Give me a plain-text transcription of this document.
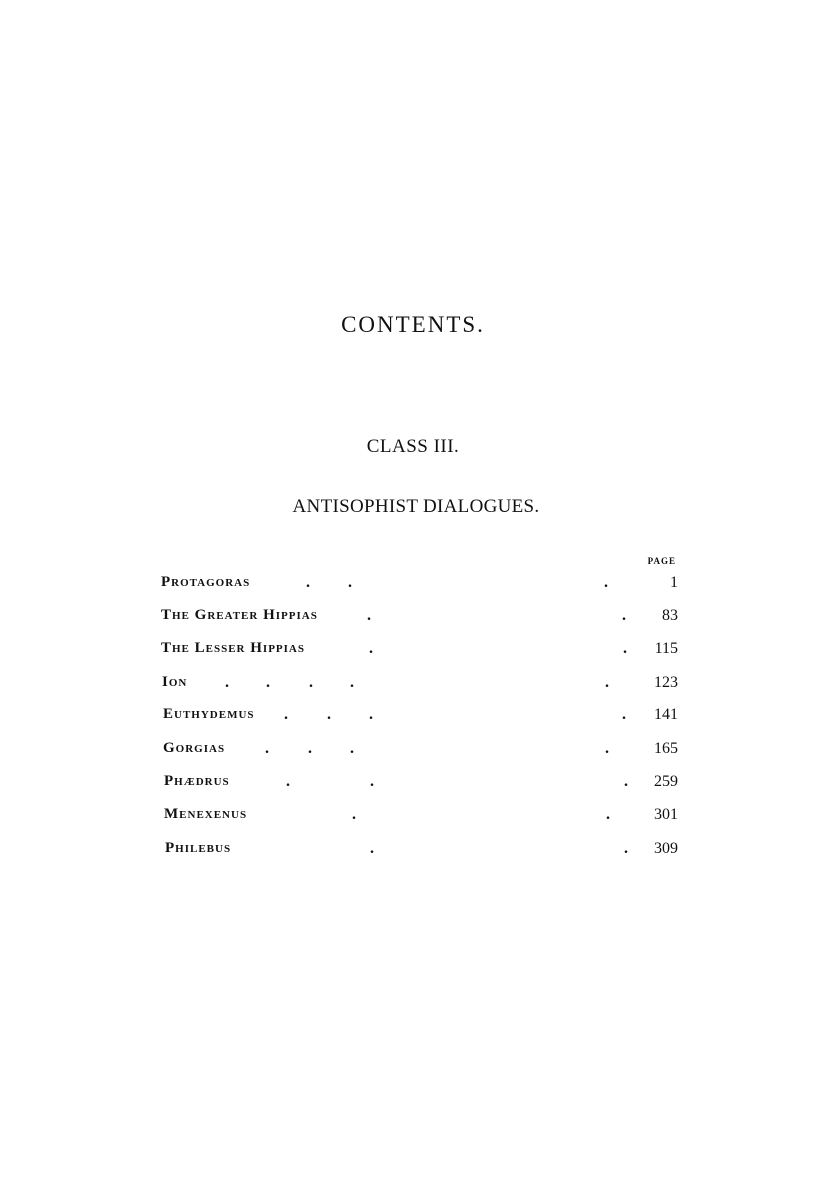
CONTENTS.
CLASS III.
ANTISOPHIST DIALOGUES.
PAGE
Protagoras	. .	.	1
The Greater Hippias	.	.	83
The Lesser Hippias	.	.	115
Ion . . . .	.	123
Euthydemus . . .	.	141
Gorgias . . .	.	165
Phædrus	.	.	.	259
Menexenus	.	.	301
Philebus	.	.	309
